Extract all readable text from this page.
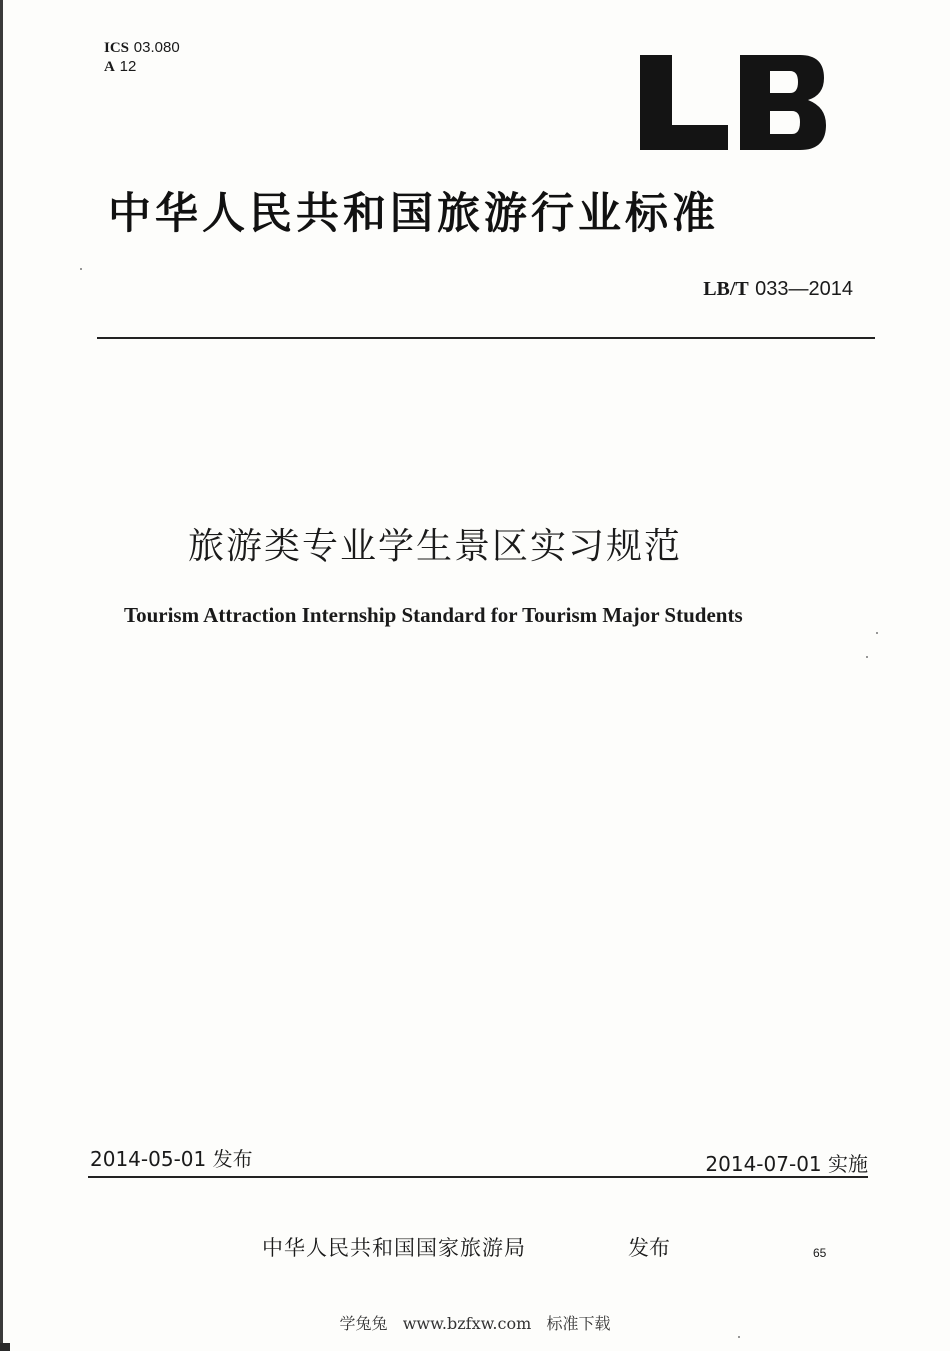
ICS 03.080
A 12
中华人民共和国旅游行业标准
LB/T 033—2014
旅游类专业学生景区实习规范
Tourism Attraction Internship Standard for Tourism Major Students
2014-05-01 发布	2014-07-01 实施
中华人民共和国国家旅游局	发布	65
学兔兔   www.bzfxw.com   标准下载
